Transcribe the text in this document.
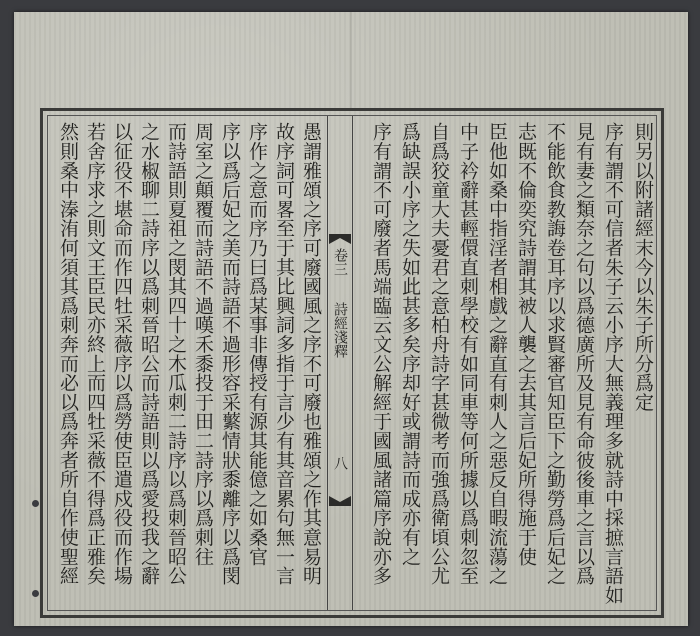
則另以附諸經末今以朱子所分爲定
序有謂不可信者朱子云小序大無義理多就詩中採摭言語如
見有妻之類奈之句以爲德廣所及見有命彼後車之言以爲
不能飲食教誨卷耳序以求賢審官知臣下之勤勞爲后妃之
志既不倫奕究詩謂其被人襲之去其言后妃所得施于使
臣他如桑中指淫者相戲之辭直有刺人之惡反自暇流蕩之
中子衿辭甚輕儇直刺學校有如同車等何所據以爲刺忽至
自爲狡童大夫憂君之意柏舟詩字甚微考而強爲衛頃公尤
爲缺誤小序之失如此甚多矣序却好或謂詩而成亦有之
序有謂不可廢者馬端臨云文公解經于國風諸篇序說亦多
卷三
詩經淺釋
八
愚謂雅頌之序可廢國風之序不可廢也雅頌之作其意易明
故序詞可畧至于其比興詞多指于言少有其音累句無一言
序作之意而序乃曰爲某事非傳授有源其能億之如桑官
序以爲后妃之美而詩語不過形容采蘩情狀黍離序以爲閔
周室之顛覆而詩語不過嘆禾黍投于田二詩序以爲刺往
而詩語則夏祖之閔其四十之木瓜刺二詩序以爲刺晉昭公
之水椒聊二詩序以爲刺晉昭公而詩語則以爲愛投我之辭
以征役不堪命而作四牡采薇序以爲勞使臣遣戍役而作場
若舍序求之則文王臣民亦終上而四牡采薇不得爲正雅矣
然則桑中溱洧何須其爲刺奔而必以爲奔者所自作使聖經
